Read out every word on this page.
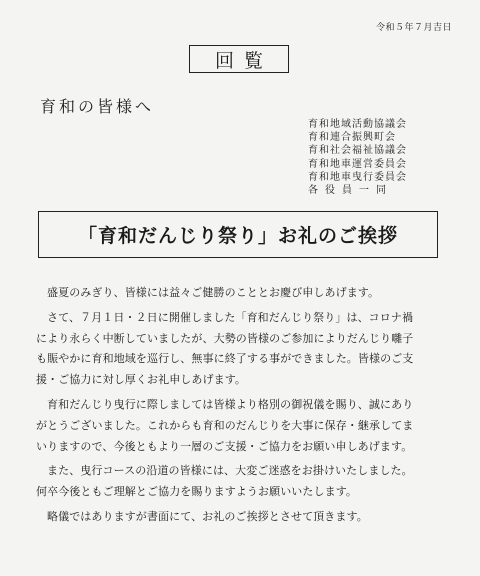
令和５年７月吉日
回覧
育和の皆様へ
育和地域活動協議会
育和連合振興町会
育和社会福祉協議会
育和地車運営委員会
育和地車曳行委員会
各役員一同
「育和だんじり祭り」お礼のご挨拶

盛夏のみぎり、皆様には益々ご健勝のこととお慶び申しあげます。

さて、７月１日・２日に開催しました「育和だんじり祭り」は、コロナ禍

により永らく中断していましたが、大勢の皆様のご参加によりだんじり囃子

も賑やかに育和地域を巡行し、無事に終了する事ができました。皆様のご支

援・ご協力に対し厚くお礼申しあげます。

育和だんじり曳行に際しましては皆様より格別の御祝儀を賜り、誠にあり

がとうございました。これからも育和のだんじりを大事に保存・継承してま

いりますので、今後ともより一層のご支援・ご協力をお願い申しあげます。

また、曳行コースの沿道の皆様には、大変ご迷惑をお掛けいたしました。

何卒今後ともご理解とご協力を賜りますようお願いいたします。

略儀ではありますが書面にて、お礼のご挨拶とさせて頂きます。
